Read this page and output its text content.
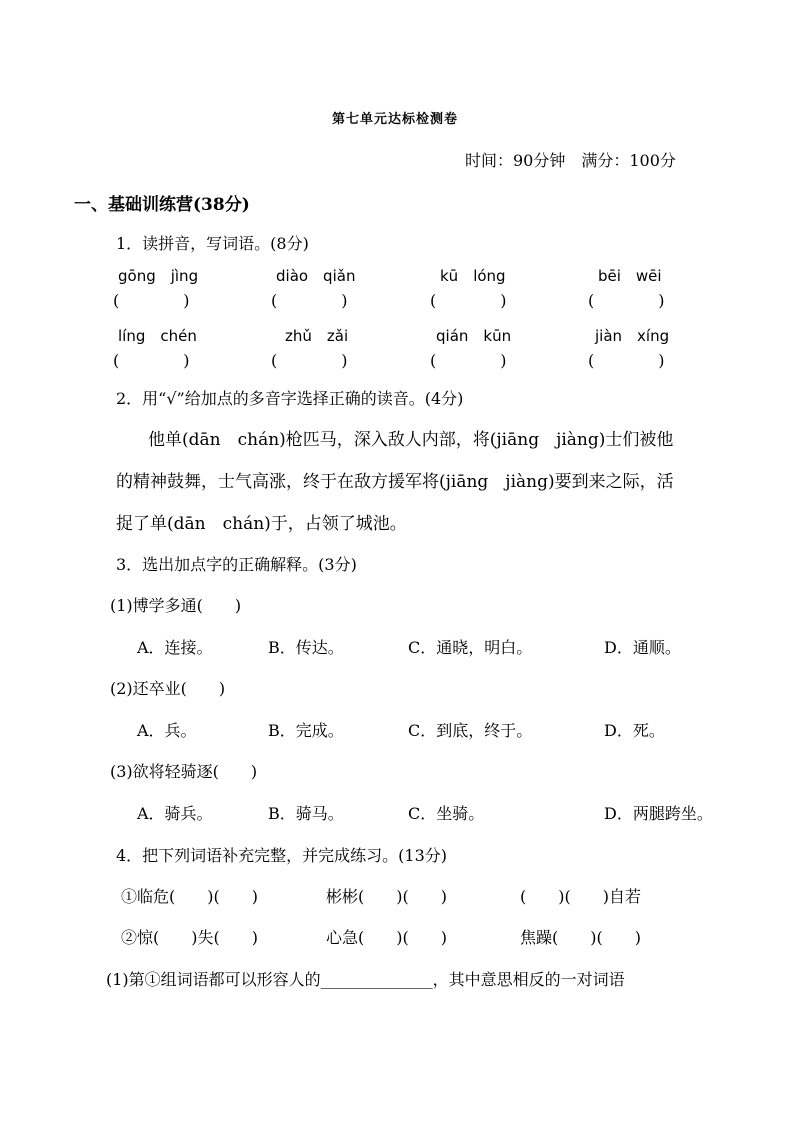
第七单元达标检测卷
时间：90分钟　满分：100分
一、基础训练营(38分)
1．读拼音，写词语。(8分)
gōng　jìng	diào　qiǎn	kū　lóng	bēi　wēi
(　　　　)	(　　　　)	(　　　　)	(　　　　)
líng　chén	zhǔ　zǎi	qián　kūn	jiàn　xíng
(　　　　)	(　　　　)	(　　　　)	(　　　　)
2．用“√”给加点的多音字选择正确的读音。(4分)
他单(dān　chán)枪匹马，深入敌人内部，将(jiāng　jiàng)士们被他
的精神鼓舞，士气高涨，终于在敌方援军将(jiāng　jiàng)要到来之际，活
捉了单(dān　chán)于，占领了城池。
3．选出加点字的正确解释。(3分)
(1)博学多通(　　)
A．连接。	B．传达。	C．通晓，明白。	D．通顺。
(2)还卒业(　　)
A．兵。	B．完成。	C．到底，终于。	D．死。
(3)欲将轻骑逐(　　)
A．骑兵。	B．骑马。	C．坐骑。	D．两腿跨坐。
4．把下列词语补充完整，并完成练习。(13分)
①临危(　　)(　　)	彬彬(　　)(　　)	(　　)(　　)自若
②惊(　　)失(　　)	心急(　　)(　　)	焦躁(　　)(　　)
(1)第①组词语都可以形容人的______________，其中意思相反的一对词语
